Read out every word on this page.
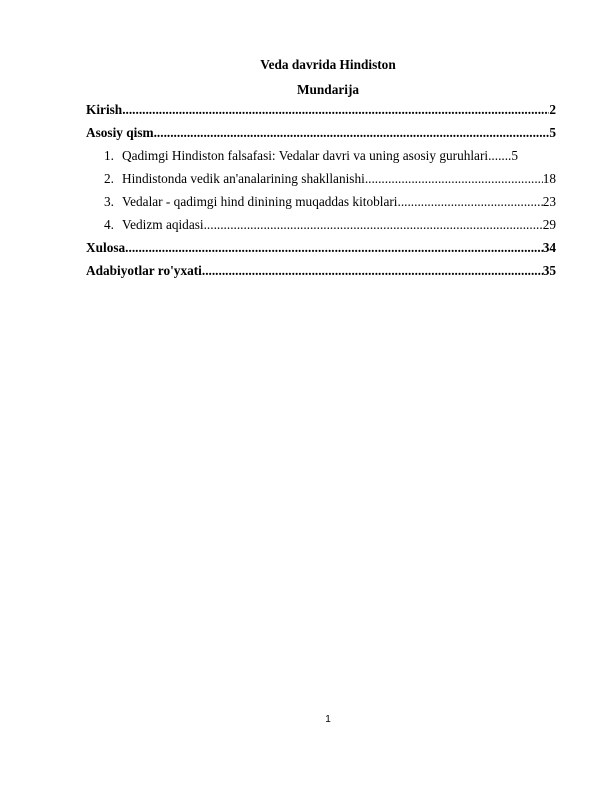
Veda davrida Hindiston
Mundarija
Kirish .....	2
Asosiy qism .....	5
1. Qadimgi Hindiston falsafasi: Vedalar davri va uning asosiy guruhlari ....... 5
2. Hindistonda vedik an'analarining shakllanishi .....	18
3. Vedalar - qadimgi hind dinining muqaddas kitoblari .....	23
4. Vedizm aqidasi .....	29
Xulosa .....	34
Adabiyotlar ro'yxati .....	35
1
